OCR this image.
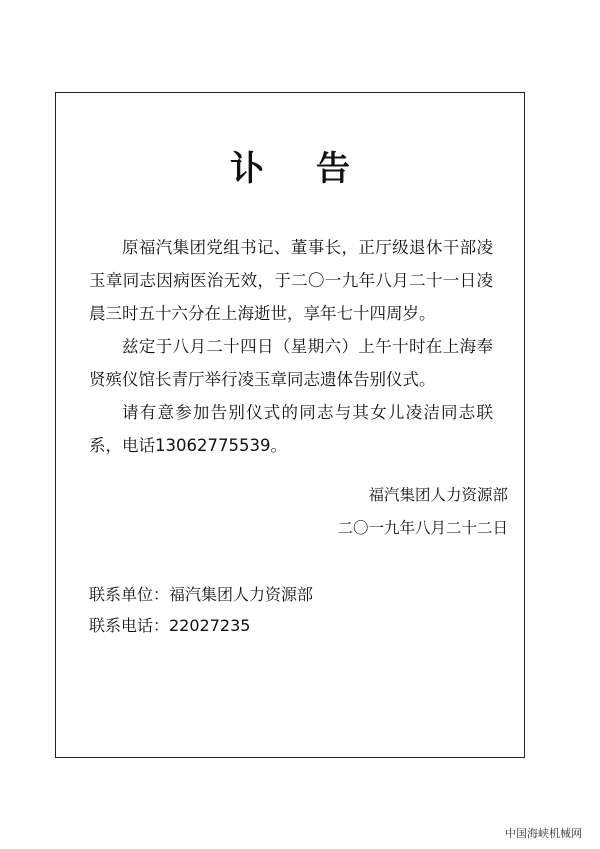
讣告

原福汽集团党组书记、董事长，正厅级退休干部凌玉章同志因病医治无效，于二〇一九年八月二十一日凌晨三时五十六分在上海逝世，享年七十四周岁。

兹定于八月二十四日（星期六）上午十时在上海奉贤殡仪馆长青厅举行凌玉章同志遗体告别仪式。

请有意参加告别仪式的同志与其女儿凌洁同志联系，电话13062775539。

福汽集团人力资源部
二〇一九年八月二十二日
联系单位：福汽集团人力资源部
联系电话：22027235
中国海峡机械网
